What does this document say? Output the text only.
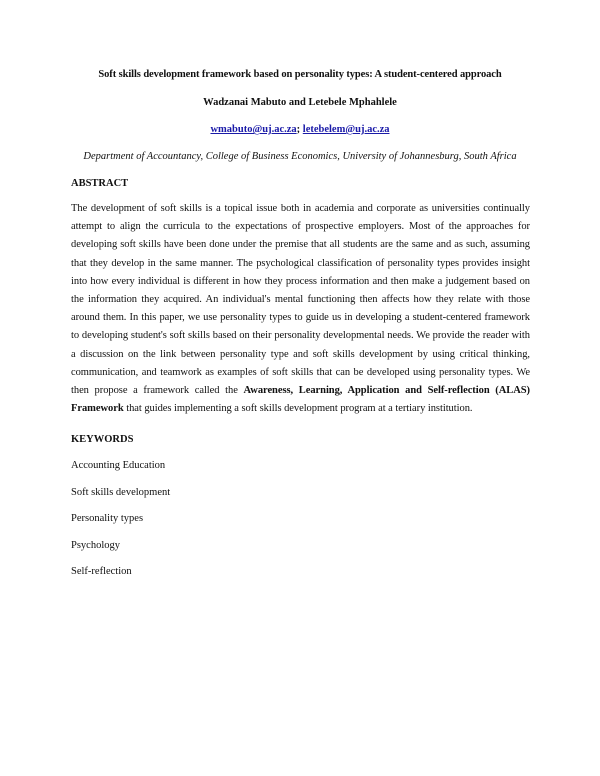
Soft skills development framework based on personality types: A student-centered approach
Wadzanai Mabuto and Letebele Mphahlele
wmabuto@uj.ac.za; letebelem@uj.ac.za
Department of Accountancy, College of Business Economics, University of Johannesburg, South Africa
ABSTRACT
The development of soft skills is a topical issue both in academia and corporate as universities continually attempt to align the curricula to the expectations of prospective employers. Most of the approaches for developing soft skills have been done under the premise that all students are the same and as such, assuming that they develop in the same manner. The psychological classification of personality types provides insight into how every individual is different in how they process information and then make a judgement based on the information they acquired. An individual's mental functioning then affects how they relate with those around them. In this paper, we use personality types to guide us in developing a student-centered framework to developing student's soft skills based on their personality developmental needs. We provide the reader with a discussion on the link between personality type and soft skills development by using critical thinking, communication, and teamwork as examples of soft skills that can be developed using personality types. We then propose a framework called the Awareness, Learning, Application and Self-reflection (ALAS) Framework that guides implementing a soft skills development program at a tertiary institution.
KEYWORDS
Accounting Education
Soft skills development
Personality types
Psychology
Self-reflection
